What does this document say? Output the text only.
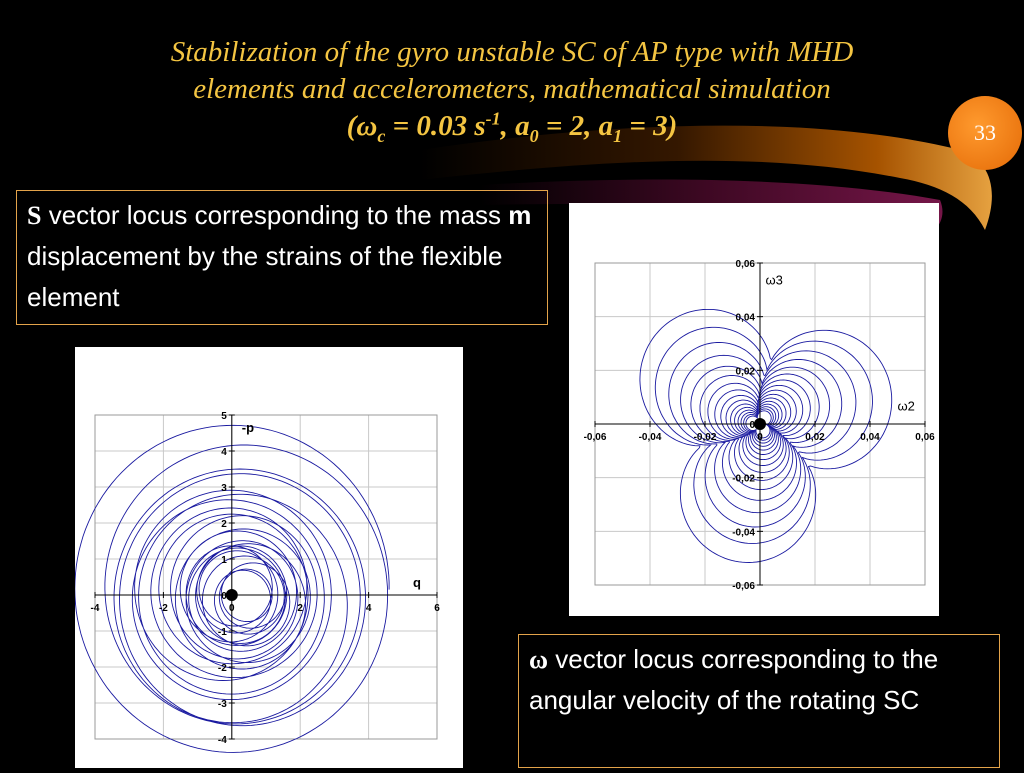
Stabilization of the gyro unstable SC of AP type with MHD
elements and accelerometers, mathematical simulation
($\omega_c = 0.03$ $s^{-1}$, $a_0 = 2$, $a_1 = 3$)	33
S vector locus corresponding to the mass m displacement by the strains of the flexible element
ω vector locus corresponding to the angular velocity of the rotating SC
-0,06	-0,04	-0,02	0	0,02	0,04	0,06
0,06
0,04
0,02
0
-0,02
-0,04
-0,06
ω3
ω2
-4	-2	0	2	4	6
5
4
3
2
1
0
-1
-2
-3
-4
-p
q
